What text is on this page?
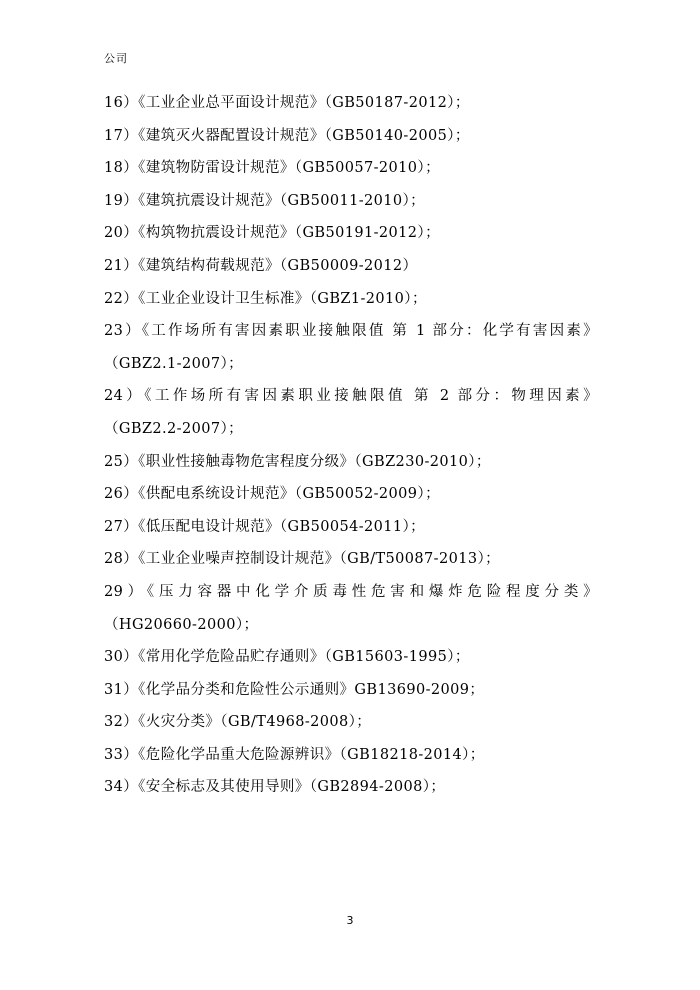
公司
16）《工业企业总平面设计规范》（GB50187-2012）；
17）《建筑灭火器配置设计规范》（GB50140-2005）；
18）《建筑物防雷设计规范》（GB50057-2010）；
19）《建筑抗震设计规范》（GB50011-2010）；
20）《构筑物抗震设计规范》（GB50191-2012）；
21）《建筑结构荷载规范》（GB50009-2012）
22）《工业企业设计卫生标准》（GBZ1-2010）；
23）《工作场所有害因素职业接触限值 第 1 部分：化学有害因素》
（GBZ2.1-2007）；
24）《工作场所有害因素职业接触限值 第 2 部分：物理因素》
（GBZ2.2-2007）；
25）《职业性接触毒物危害程度分级》（GBZ230-2010）；
26）《供配电系统设计规范》（GB50052-2009）；
27）《低压配电设计规范》（GB50054-2011）；
28）《工业企业噪声控制设计规范》（GB/T50087-2013）；
29）《压力容器中化学介质毒性危害和爆炸危险程度分类》
（HG20660-2000）；
30）《常用化学危险品贮存通则》（GB15603-1995）；
31）《化学品分类和危险性公示通则》GB13690-2009；
32）《火灾分类》（GB/T4968-2008）；
33）《危险化学品重大危险源辨识》（GB18218-2014）；
34）《安全标志及其使用导则》（GB2894-2008）；
3
